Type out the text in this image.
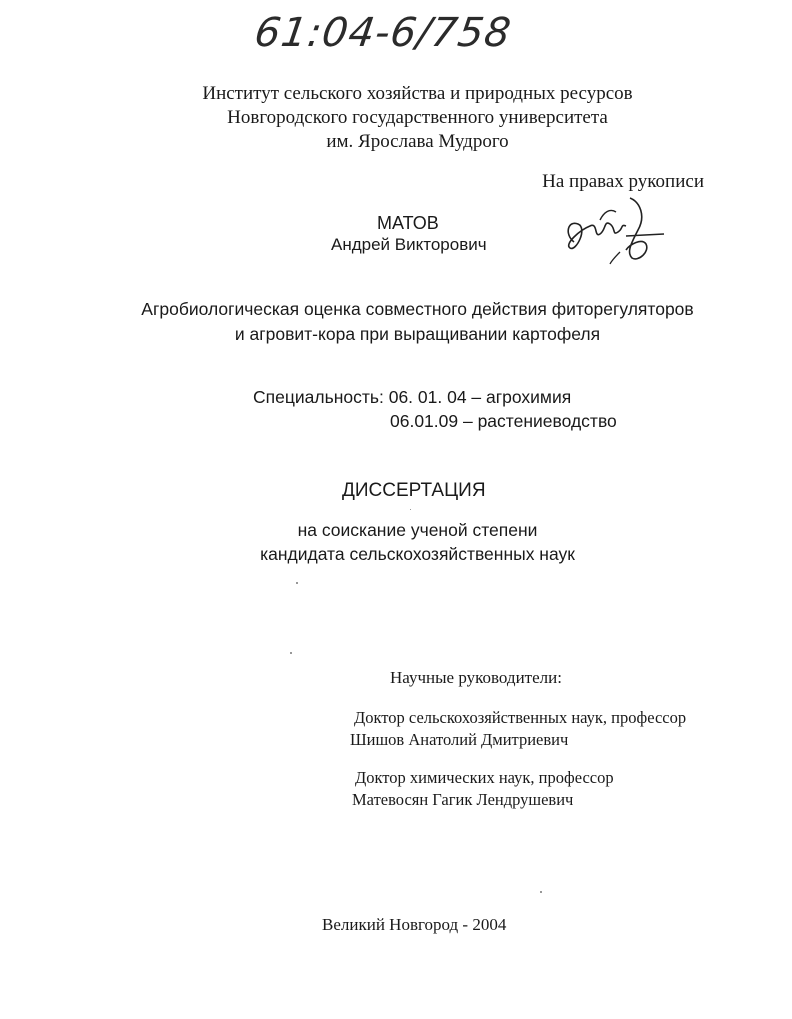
61:04-6/758
Институт сельского хозяйства и природных ресурсов
Новгородского государственного университета
им. Ярослава Мудрого
На правах рукописи
МАТОВ
Андрей Викторович
Агробиологическая оценка совместного действия фиторегуляторов
и агровит-кора при выращивании картофеля
Специальность: 06. 01. 04 – агрохимия
06.01.09 – растениеводство
ДИССЕРТАЦИЯ
на соискание ученой степени
кандидата сельскохозяйственных наук
Научные руководители:
Доктор сельскохозяйственных наук, профессор
Шишов Анатолий Дмитриевич
Доктор химических наук, профессор
Матевосян Гагик Лендрушевич
Великий Новгород - 2004
